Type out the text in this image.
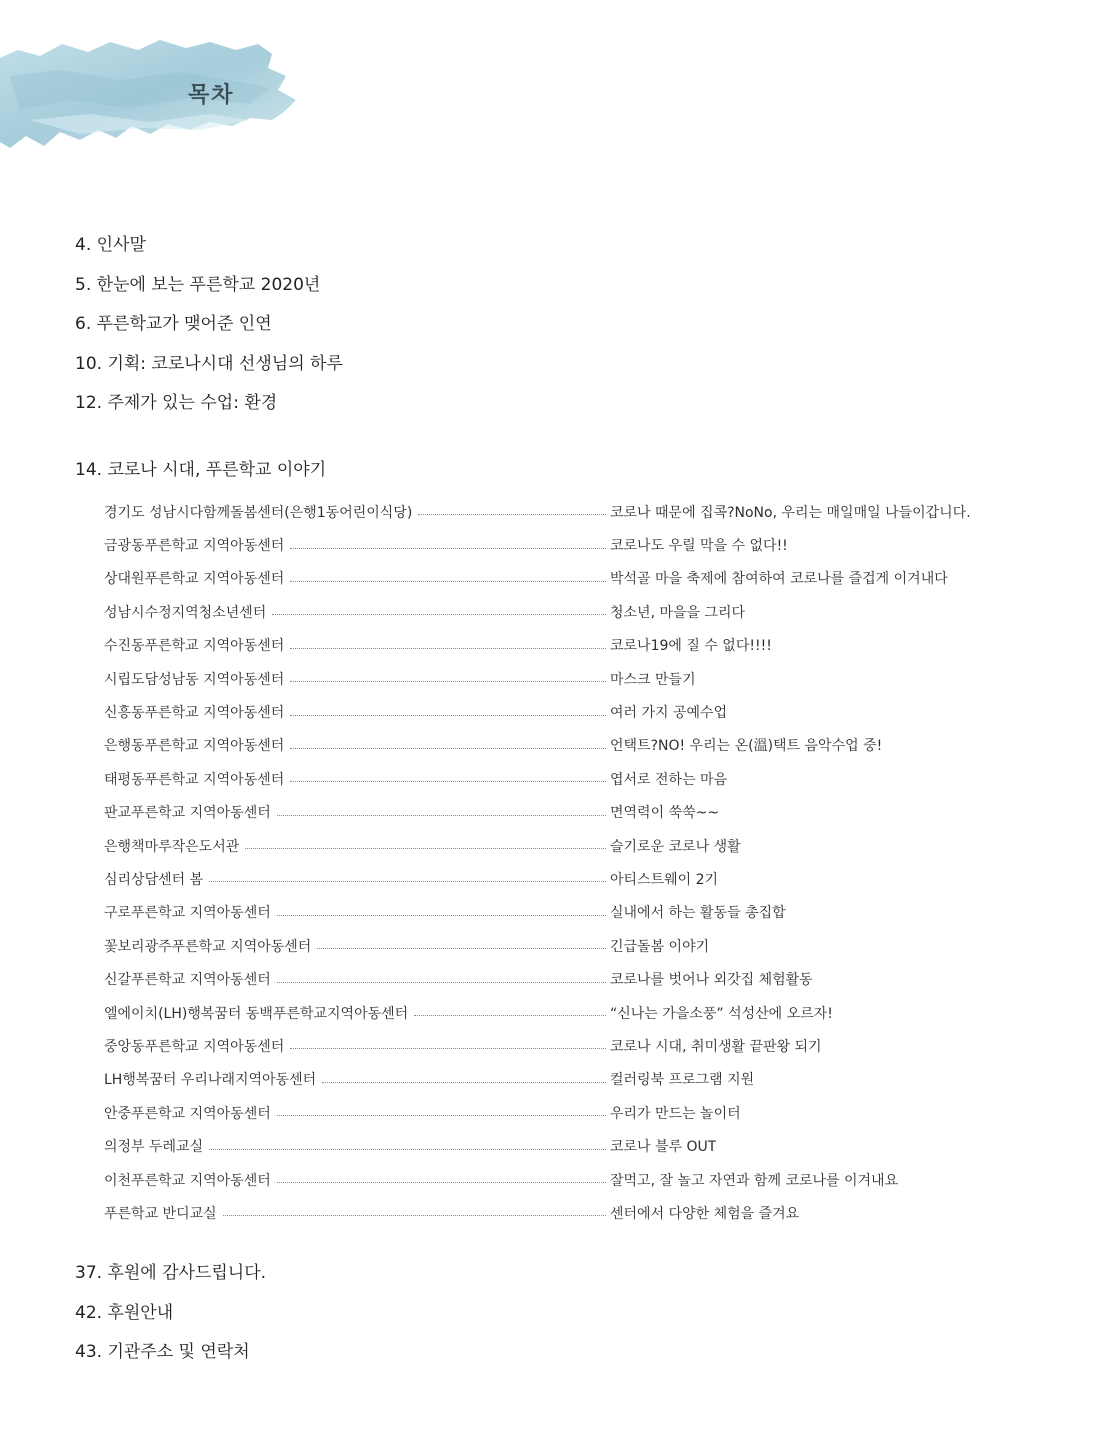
목차
4. 인사말
5. 한눈에 보는 푸른학교 2020년
6. 푸른학교가 맺어준 인연
10. 기획: 코로나시대 선생님의 하루
12. 주제가 있는 수업: 환경
14. 코로나 시대, 푸른학교 이야기
경기도 성남시다함께돌봄센터(은행1동어린이식당)	코로나 때문에 집콕?NoNo, 우리는 매일매일 나들이갑니다.
금광동푸른학교 지역아동센터	코로나도 우릴 막을 수 없다!!
상대원푸른학교 지역아동센터	박석골 마을 축제에 참여하여 코로나를 즐겁게 이겨내다
성남시수정지역청소년센터	청소년, 마을을 그리다
수진동푸른학교 지역아동센터	코로나19에 질 수 없다!!!!
시립도담성남동 지역아동센터	마스크 만들기
신흥동푸른학교 지역아동센터	여러 가지 공예수업
은행동푸른학교 지역아동센터	언택트?NO! 우리는 온(溫)택트 음악수업 중!
태평동푸른학교 지역아동센터	엽서로 전하는 마음
판교푸른학교 지역아동센터	면역력이 쑥쑥~~
은행책마루작은도서관	슬기로운 코로나 생활
심리상담센터 봄	아티스트웨이 2기
구로푸른학교 지역아동센터	실내에서 하는 활동들 총집합
꽃보리광주푸른학교 지역아동센터	긴급돌봄 이야기
신갈푸른학교 지역아동센터	코로나를 벗어나 외갓집 체험활동
엘에이치(LH)행복꿈터 동백푸른학교지역아동센터	“신나는 가을소풍” 석성산에 오르자!
중앙동푸른학교 지역아동센터	코로나 시대, 취미생활 끝판왕 되기
LH행복꿈터 우리나래지역아동센터	컬러링북 프로그램 지원
안중푸른학교 지역아동센터	우리가 만드는 놀이터
의정부 두레교실	코로나 블루 OUT
이천푸른학교 지역아동센터	잘먹고, 잘 놀고 자연과 함께 코로나를 이겨내요
푸른학교 반디교실	센터에서 다양한 체험을 즐겨요
37. 후원에 감사드립니다.
42. 후원안내
43. 기관주소 및 연락처
